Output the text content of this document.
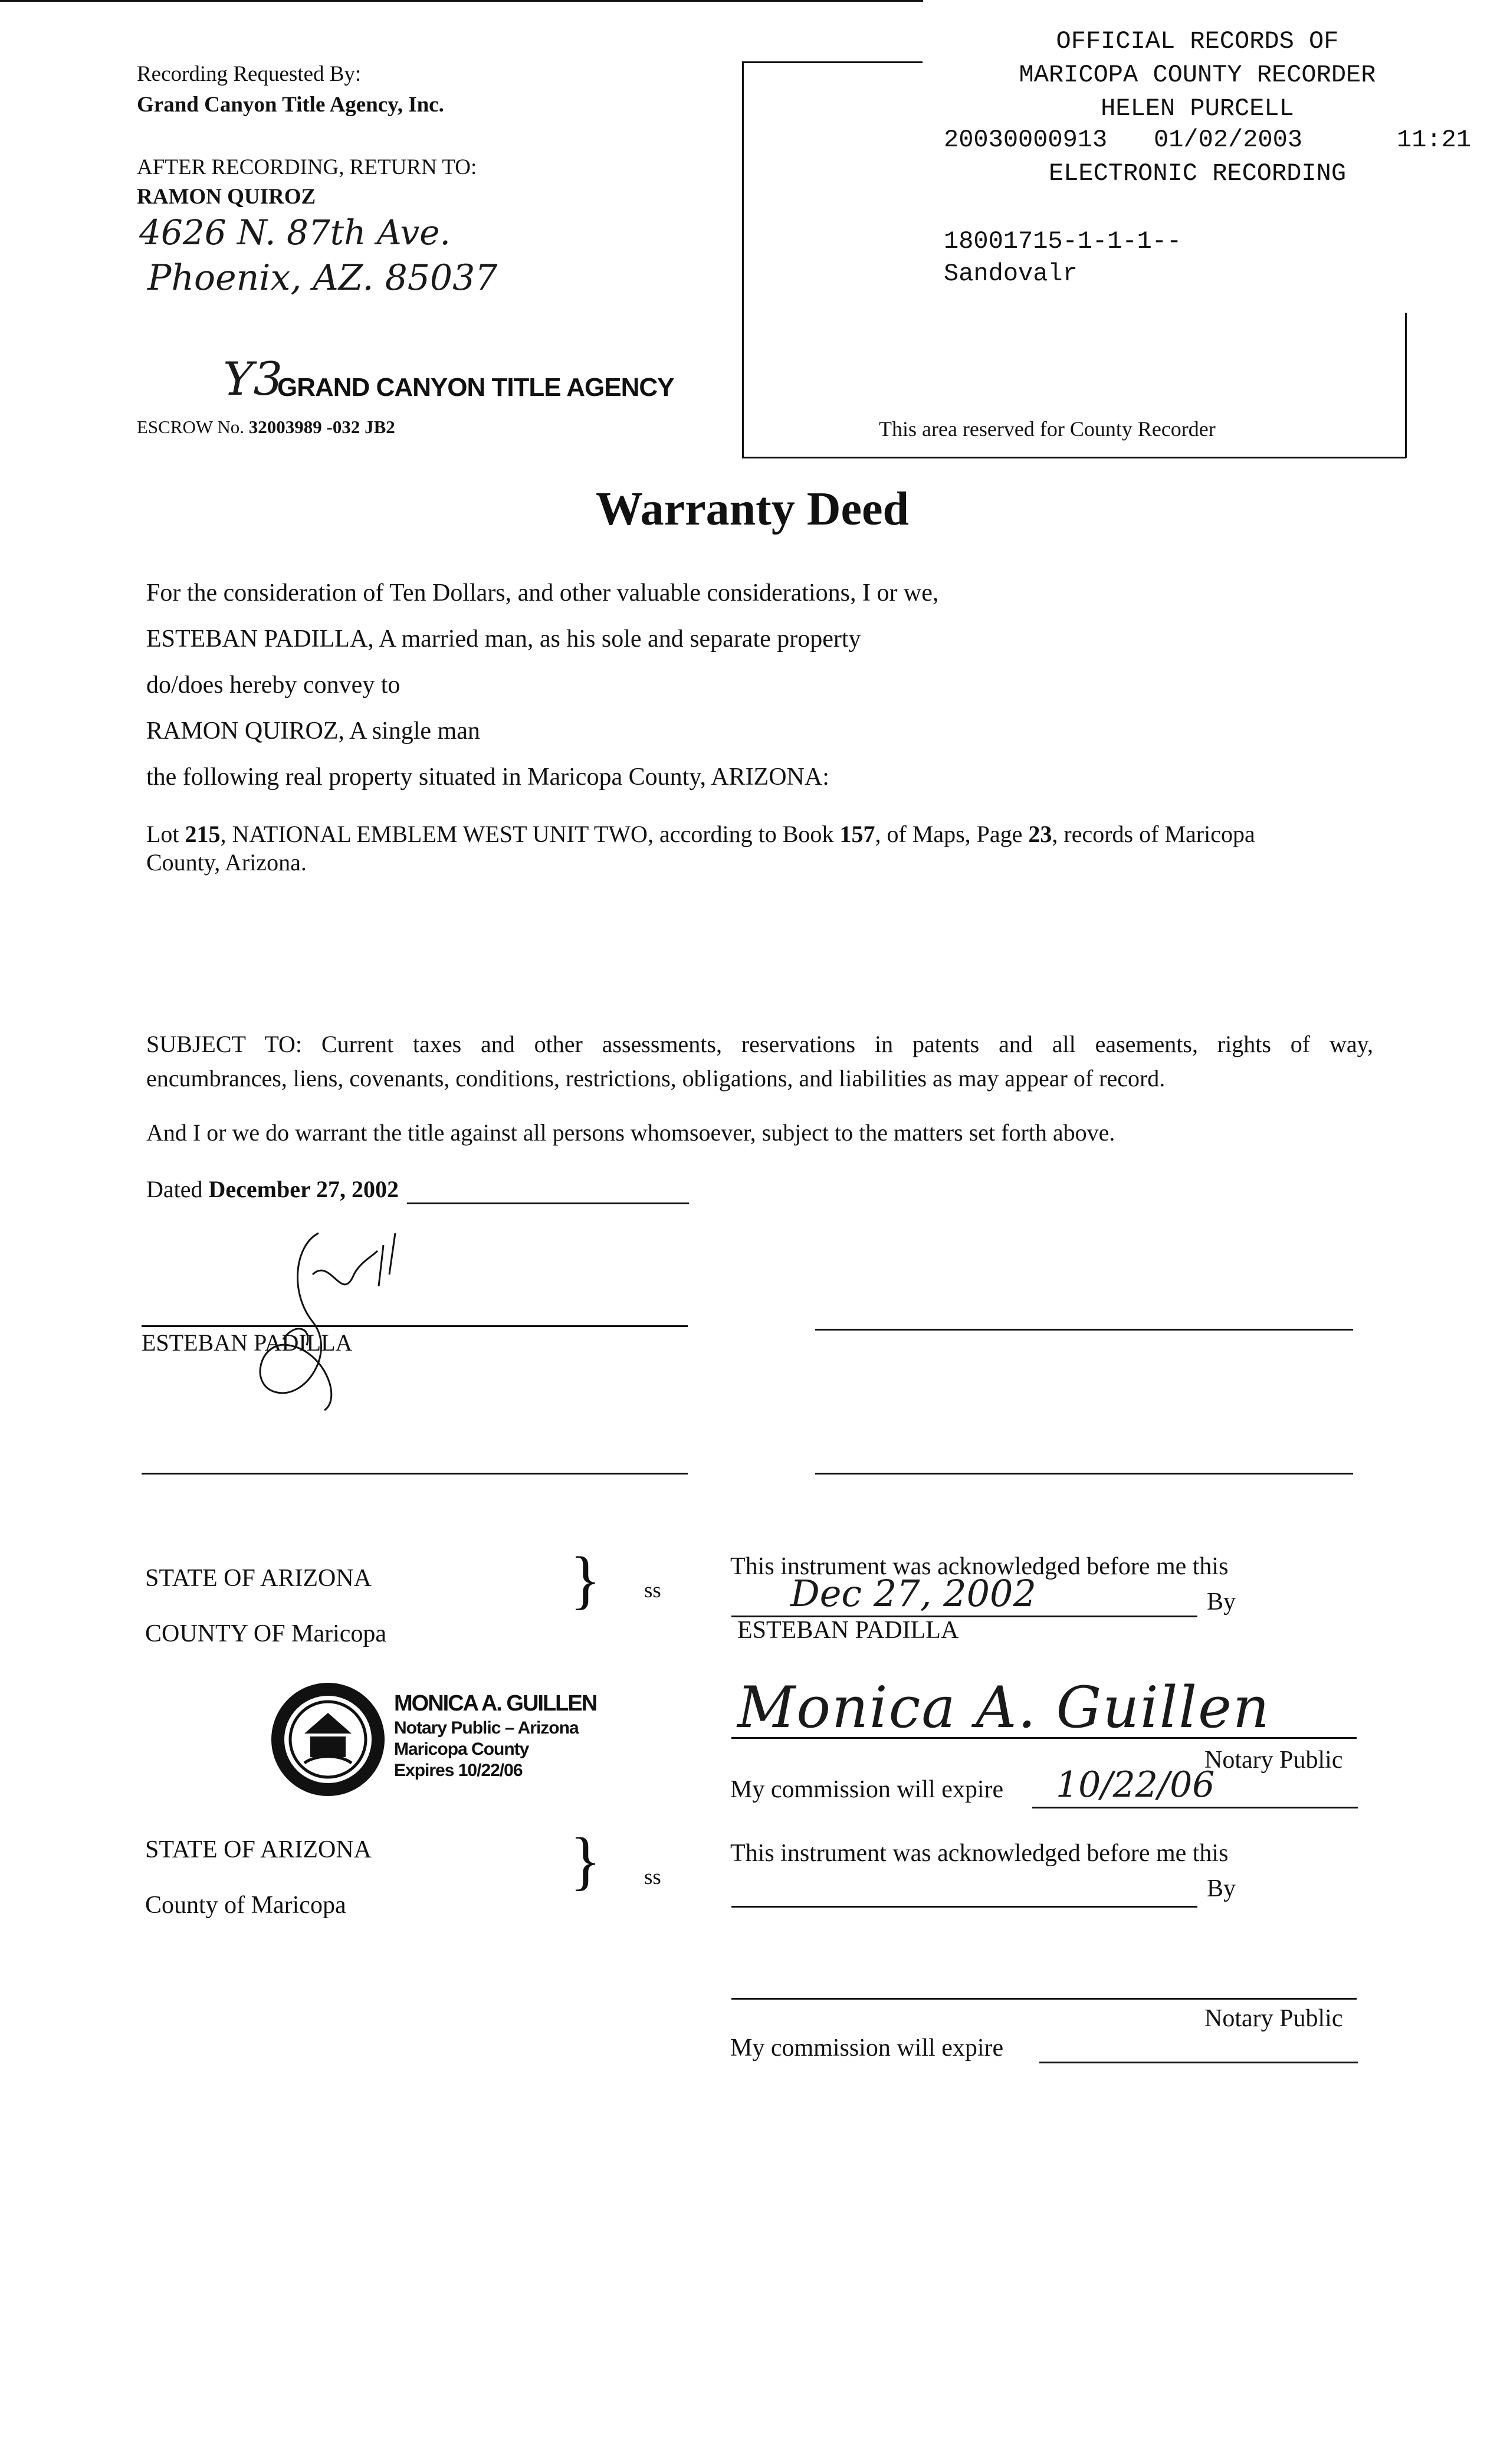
Recording Requested By:
Grand Canyon Title Agency, Inc.
AFTER RECORDING, RETURN TO:
RAMON QUIROZ
4626 N. 87th Ave.
Phoenix, AZ. 85037
Y3
GRAND CANYON TITLE AGENCY
ESCROW No. 32003989 -032 JB2
OFFICIAL RECORDS OF
MARICOPA COUNTY RECORDER
HELEN PURCELL
20030000913 01/02/2003	11:21
ELECTRONIC RECORDING
18001715-1-1-1--
Sandovalr
This area reserved for County Recorder
Warranty Deed
For the consideration of Ten Dollars, and other valuable considerations, I or we,
ESTEBAN PADILLA, A married man, as his sole and separate property
do/does hereby convey to
RAMON QUIROZ, A single man
the following real property situated in Maricopa County, ARIZONA:
Lot 215, NATIONAL EMBLEM WEST UNIT TWO, according to Book 157, of Maps, Page 23, records of Maricopa
County, Arizona.
SUBJECT TO: Current taxes and other assessments, reservations in patents and all easements, rights of way,
encumbrances, liens, covenants, conditions, restrictions, obligations, and liabilities as may appear of record.
And I or we do warrant the title against all persons whomsoever, subject to the matters set forth above.
Dated December 27, 2002
ESTEBAN PADILLA
STATE OF ARIZONA
COUNTY OF Maricopa
} ss
This instrument was acknowledged before me this
Dec 27, 2002	By
ESTEBAN PADILLA
MONICA A. GUILLEN
Notary Public – Arizona
Maricopa County
Expires 10/22/06
Monica A. Guillen
Notary Public
My commission will expire 10/22/06
STATE OF ARIZONA
County of Maricopa
} ss
This instrument was acknowledged before me this
By
Notary Public
My commission will expire
